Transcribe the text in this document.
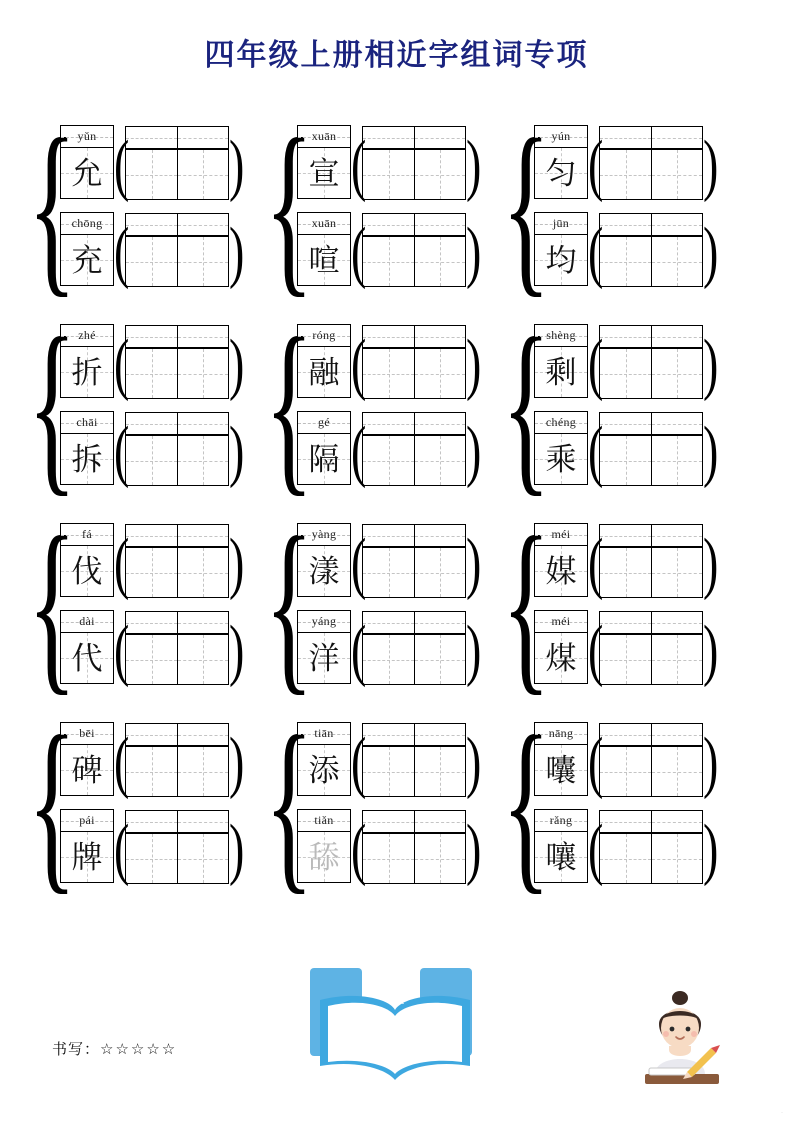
四年级上册相近字组词专项
{ yǔn
允 ( )
chōng
充 ( ) {
xuān
宣 ( )
xuān
喧 ( ) { yún
匀 ( )
jūn
均 ( )
{ zhé
折 ( )
chāi
拆 ( ) { róng
融 ( )
gé
隔 ( ) {
shèng
剩 ( )
chéng
乘 ( )
{ fá
伐 ( )
dài
代 ( ) {
yàng
漾 ( )
yáng
洋 ( ) { méi
媒 ( )
méi
煤 ( )
{ bēi
碑 ( )
pái
牌 ( ) { tiān
添 ( )
tiǎn
舔 ( ) {
nāng
囔 ( )
rǎng
嚷 ( )
书写：☆☆☆☆☆
·
